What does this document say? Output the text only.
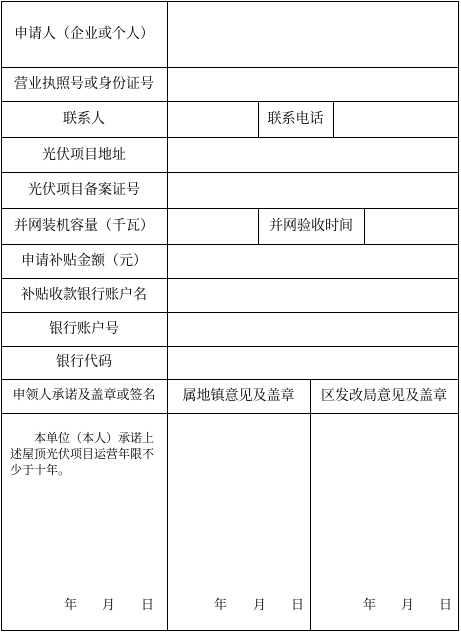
申请人（企业或个人）
营业执照号或身份证号
联系人	联系电话
光伏项目地址
光伏项目备案证号
并网装机容量（千瓦）	并网验收时间
申请补贴金额（元）
补贴收款银行账户名
银行账户号
银行代码
申领人承诺及盖章或签名	属地镇意见及盖章	区发改局意见及盖章
本单位（本人）承诺上述屋顶光伏项目运营年限不少于十年。
年 月 日	年 月 日	年 月 日
